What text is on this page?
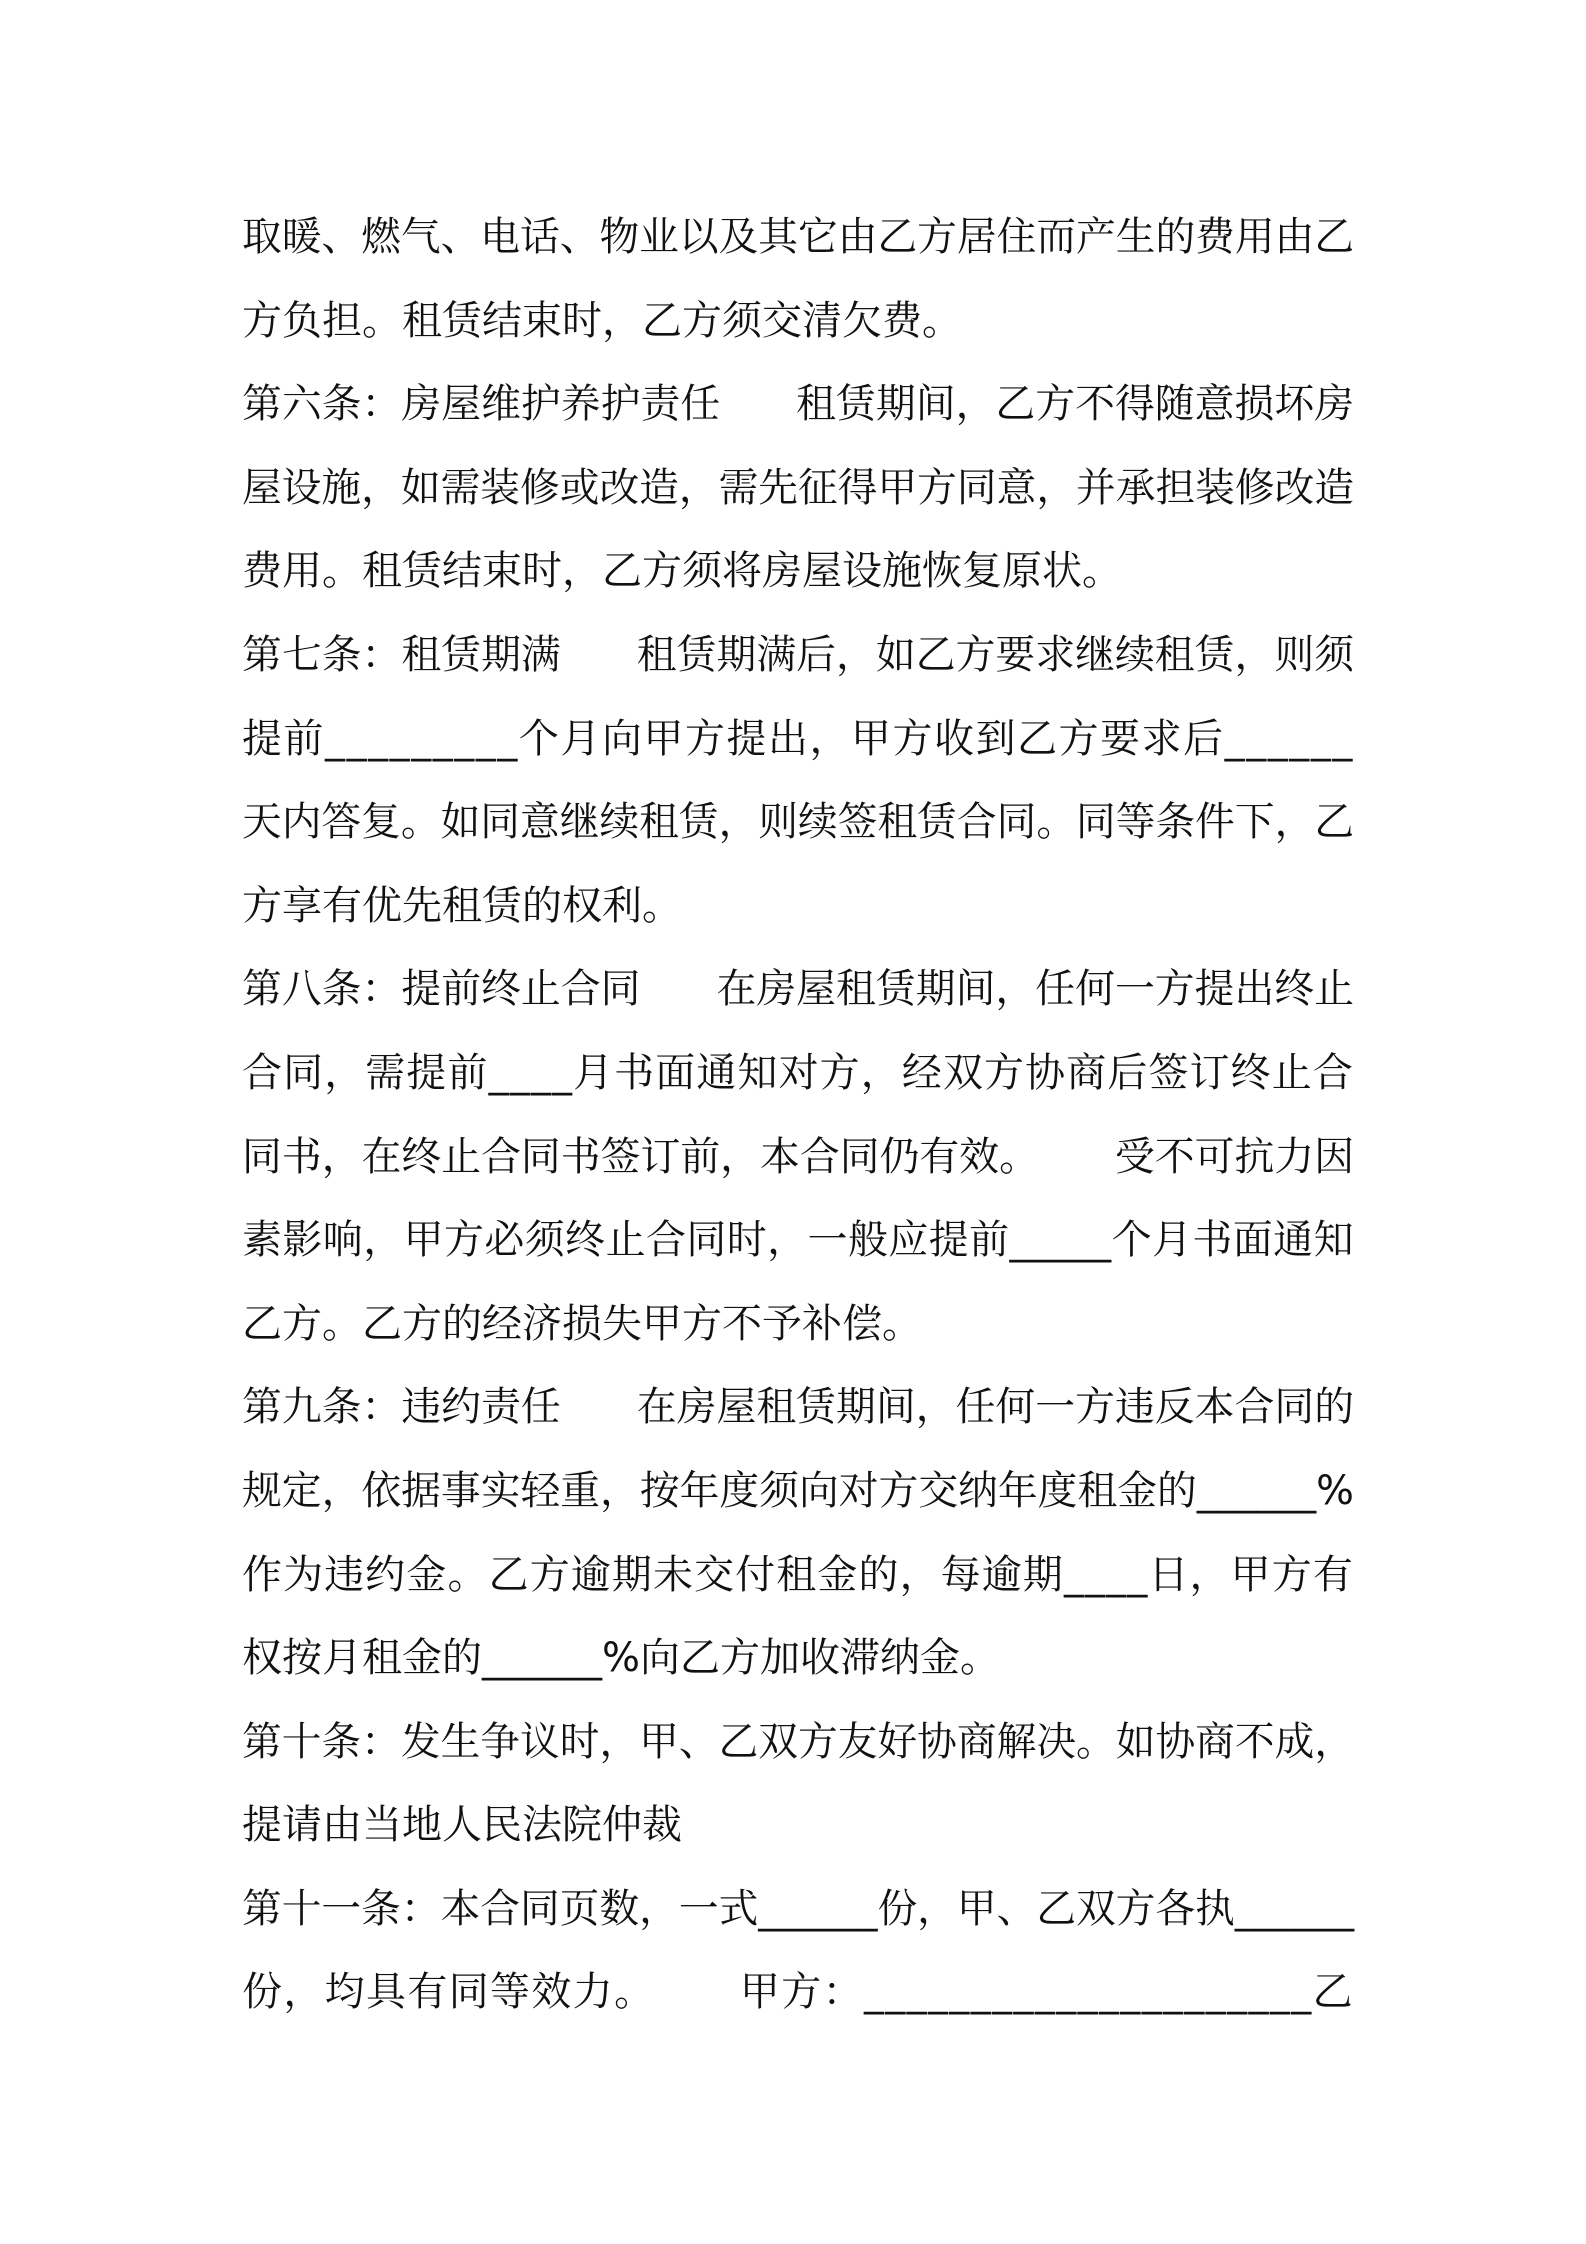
取暖、燃气、电话、物业以及其它由乙方居住而产生的费用由乙
方负担。租赁结束时，乙方须交清欠费。
第六条：房屋维护养护责任      租赁期间，乙方不得随意损坏房
屋设施，如需装修或改造，需先征得甲方同意，并承担装修改造
费用。租赁结束时，乙方须将房屋设施恢复原状。
第七条：租赁期满      租赁期满后，如乙方要求继续租赁，则须
提前_________个月向甲方提出，甲方收到乙方要求后______
天内答复。如同意继续租赁，则续签租赁合同。同等条件下，乙
方享有优先租赁的权利。
第八条：提前终止合同      在房屋租赁期间，任何一方提出终止
合同，需提前____月书面通知对方，经双方协商后签订终止合
同书，在终止合同书签订前，本合同仍有效。      受不可抗力因
素影响，甲方必须终止合同时，一般应提前_____个月书面通知
乙方。乙方的经济损失甲方不予补偿。
第九条：违约责任      在房屋租赁期间，任何一方违反本合同的
规定，依据事实轻重，按年度须向对方交纳年度租金的______%
作为违约金。乙方逾期未交付租金的，每逾期____日，甲方有
权按月租金的______%向乙方加收滞纳金。
第十条：发生争议时，甲、乙双方友好协商解决。如协商不成，
提请由当地人民法院仲裁
第十一条：本合同页数，一式______份，甲、乙双方各执______
份，均具有同等效力。      甲方：_____________________乙
